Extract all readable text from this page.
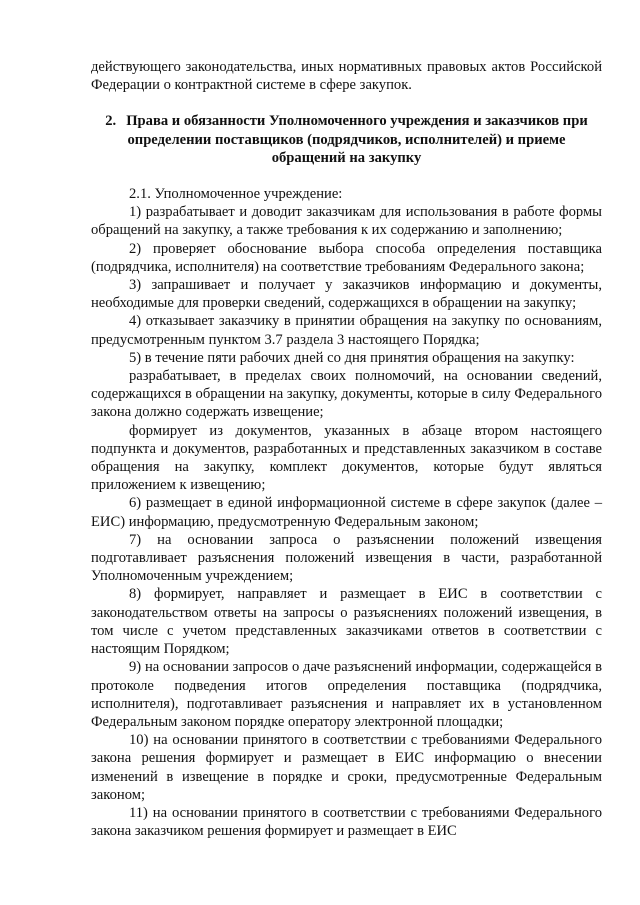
действующего законодательства, иных нормативных правовых актов Российской Федерации о контрактной системе в сфере закупок.

2. Права и обязанности Уполномоченного учреждения и заказчиков при определении поставщиков (подрядчиков, исполнителей) и приеме обращений на закупку

2.1. Уполномоченное учреждение:

1) разрабатывает и доводит заказчикам для использования в работе формы обращений на закупку, а также требования к их содержанию и заполнению;

2) проверяет обоснование выбора способа определения поставщика (подрядчика, исполнителя) на соответствие требованиям Федерального закона;

3) запрашивает и получает у заказчиков информацию и документы, необходимые для проверки сведений, содержащихся в обращении на закупку;

4) отказывает заказчику в принятии обращения на закупку по основаниям, предусмотренным пунктом 3.7 раздела 3 настоящего Порядка;

5) в течение пяти рабочих дней со дня принятия обращения на закупку:

разрабатывает, в пределах своих полномочий, на основании сведений, содержащихся в обращении на закупку, документы, которые в силу Федерального закона должно содержать извещение;

формирует из документов, указанных в абзаце втором настоящего подпункта и документов, разработанных и представленных заказчиком в составе обращения на закупку, комплект документов, которые будут являться приложением к извещению;

6) размещает в единой информационной системе в сфере закупок (далее – ЕИС) информацию, предусмотренную Федеральным законом;

7) на основании запроса о разъяснении положений извещения подготавливает разъяснения положений извещения в части, разработанной Уполномоченным учреждением;

8) формирует, направляет и размещает в ЕИС в соответствии с законодательством ответы на запросы о разъяснениях положений извещения, в том числе с учетом представленных заказчиками ответов в соответствии с настоящим Порядком;

9) на основании запросов о даче разъяснений информации, содержащейся в протоколе подведения итогов определения поставщика (подрядчика, исполнителя), подготавливает разъяснения и направляет их в установленном Федеральным законом порядке оператору электронной площадки;

10) на основании принятого в соответствии с требованиями Федерального закона решения формирует и размещает в ЕИС информацию о внесении изменений в извещение в порядке и сроки, предусмотренные Федеральным законом;

11) на основании принятого в соответствии с требованиями Федерального закона заказчиком решения формирует и размещает в ЕИС
